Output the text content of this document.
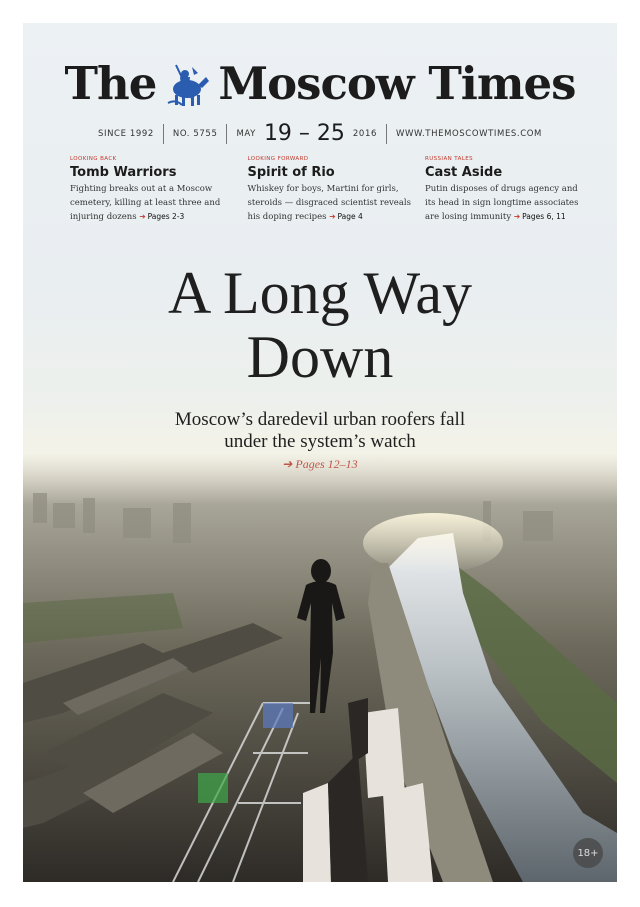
The Moscow Times
SINCE 1992 NO. 5755 MAY 19 – 25 2016 WWW.THEMOSCOWTIMES.COM
LOOKING BACK
Tomb Warriors
Fighting breaks out at a Moscow cemetery, killing at least three and injuring dozens ➔ Pages 2-3
LOOKING FORWARD
Spirit of Rio
Whiskey for boys, Martini for girls, steroids — disgraced scientist reveals his doping recipes ➔ Page 4
RUSSIAN TALES
Cast Aside
Putin disposes of drugs agency and its head in sign longtime associates are losing immunity ➔ Pages 6, 11
A Long Way
Down
Moscow’s daredevil urban roofers fall
under the system’s watch
18+
